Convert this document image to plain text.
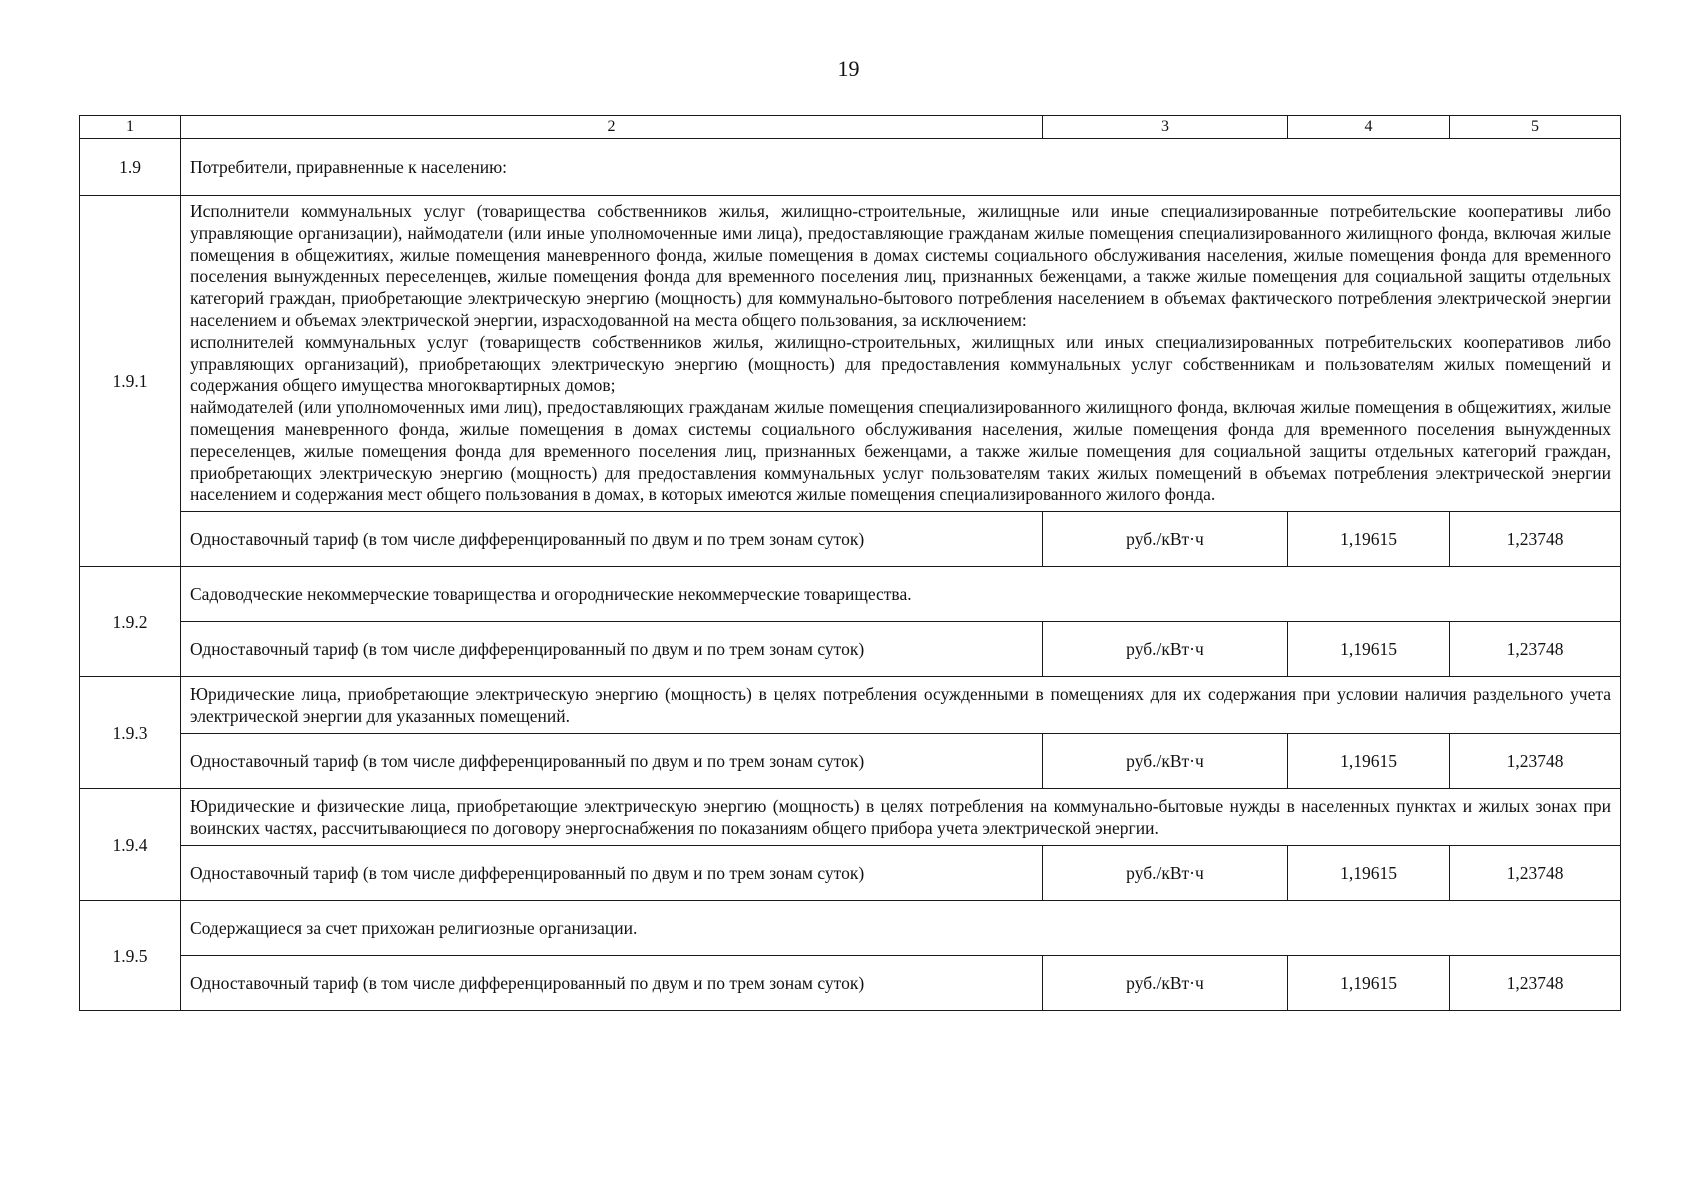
19
1	2	3	4	5
1.9	Потребители, приравненные к населению:			
1.9.1	Исполнители коммунальных услуг (товарищества собственников жилья, жилищно-строительные, жилищные или иные специализированные потребительские кооперативы либо управляющие организации), наймодатели (или иные уполномоченные ими лица), предоставляющие гражданам жилые помещения специализированного жилищного фонда, включая жилые помещения в общежитиях, жилые помещения маневренного фонда, жилые помещения в домах системы социального обслуживания населения, жилые помещения фонда для временного поселения вынужденных переселенцев, жилые помещения фонда для временного поселения лиц, признанных беженцами, а также жилые помещения для социальной защиты отдельных категорий граждан, приобретающие электрическую энергию (мощность) для коммунально-бытового потребления населением в объемах фактического потребления электрической энергии населением и объемах электрической энергии, израсходованной на места общего пользования, за исключением:
исполнителей коммунальных услуг (товариществ собственников жилья, жилищно-строительных, жилищных или иных специализированных потребительских кооперативов либо управляющих организаций), приобретающих электрическую энергию (мощность) для предоставления коммунальных услуг собственникам и пользователям жилых помещений и содержания общего имущества многоквартирных домов;
наймодателей (или уполномоченных ими лиц), предоставляющих гражданам жилые помещения специализированного жилищного фонда, включая жилые помещения в общежитиях, жилые помещения маневренного фонда, жилые помещения в домах системы социального обслуживания населения, жилые помещения фонда для временного поселения вынужденных переселенцев, жилые помещения фонда для временного поселения лиц, признанных беженцами, а также жилые помещения для социальной защиты отдельных категорий граждан, приобретающих электрическую энергию (мощность) для предоставления коммунальных услуг пользователям таких жилых помещений в объемах потребления электрической энергии населением и содержания мест общего пользования в домах, в которых имеются жилые помещения специализированного жилого фонда.			

	Одноставочный тариф (в том числе дифференцированный по двум и по трем зонам суток)	руб./кВт·ч	1,19615	1,23748
1.9.2	Садоводческие некоммерческие товарищества и огороднические некоммерческие товарищества.			
	Одноставочный тариф (в том числе дифференцированный по двум и по трем зонам суток)	руб./кВт·ч	1,19615	1,23748
1.9.3	Юридические лица, приобретающие электрическую энергию (мощность) в целях потребления осужденными в помещениях для их содержания при условии наличия раздельного учета электрической энергии для указанных помещений.			
	Одноставочный тариф (в том числе дифференцированный по двум и по трем зонам суток)	руб./кВт·ч	1,19615	1,23748
1.9.4	Юридические и физические лица, приобретающие электрическую энергию (мощность) в целях потребления на коммунально-бытовые нужды в населенных пунктах и жилых зонах при воинских частях, рассчитывающиеся по договору энергоснабжения по показаниям общего прибора учета электрической энергии.			
	Одноставочный тариф (в том числе дифференцированный по двум и по трем зонам суток)	руб./кВт·ч	1,19615	1,23748
1.9.5	Содержащиеся за счет прихожан религиозные организации.			
	Одноставочный тариф (в том числе дифференцированный по двум и по трем зонам суток)	руб./кВт·ч	1,19615	1,23748
